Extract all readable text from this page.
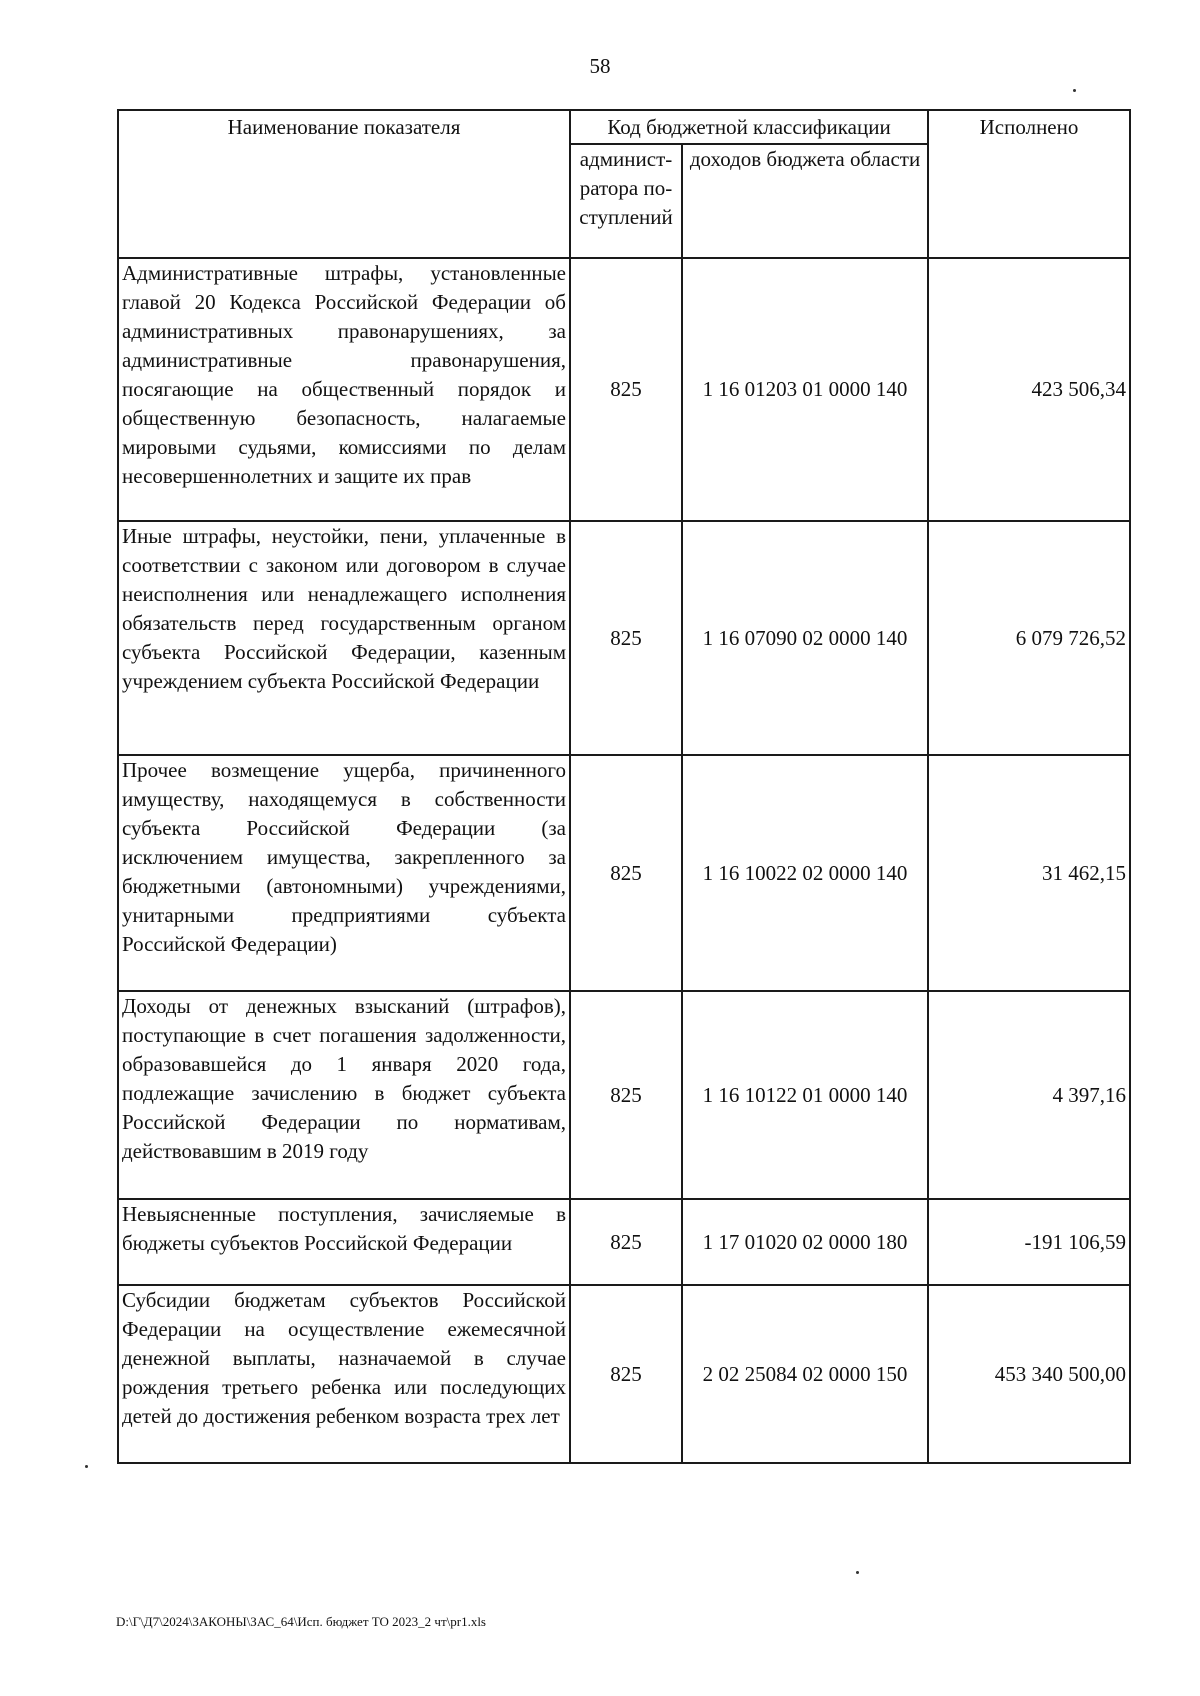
58
Наименование показателя	Код бюджетной классификации		Исполнено
	админист-ратора по-ступлений	доходов бюджета области	
Административные штрафы, установленные главой 20 Кодекса Российской Федерации об административных правонарушениях, за административные правонарушения, посягающие на общественный порядок и общественную безопасность, налагаемые мировыми судьями, комиссиями по делам несовершеннолетних и защите их прав	825	1 16 01203 01 0000 140	423 506,34
Иные штрафы, неустойки, пени, уплаченные в соответствии с законом или договором в случае неисполнения или ненадлежащего исполнения обязательств перед государственным органом субъекта Российской Федерации, казенным учреждением субъекта Российской Федерации	825	1 16 07090 02 0000 140	6 079 726,52
Прочее возмещение ущерба, причиненного имуществу, находящемуся в собственности субъекта Российской Федерации (за исключением имущества, закрепленного за бюджетными (автономными) учреждениями, унитарными предприятиями субъекта Российской Федерации)	825	1 16 10022 02 0000 140	31 462,15
Доходы от денежных взысканий (штрафов), поступающие в счет погашения задолженности, образовавшейся до 1 января 2020 года, подлежащие зачислению в бюджет субъекта Российской Федерации по нормативам, действовавшим в 2019 году	825	1 16 10122 01 0000 140	4 397,16
Невыясненные поступления, зачисляемые в бюджеты субъектов Российской Федерации	825	1 17 01020 02 0000 180	-191 106,59
Субсидии бюджетам субъектов Российской Федерации на осуществление ежемесячной денежной выплаты, назначаемой в случае рождения третьего ребенка или последующих детей до достижения ребенком возраста трех лет	825	2 02 25084 02 0000 150	453 340 500,00
D:\Г\Д7\2024\ЗАКОНЫ\ЗАС_64\Исп. бюджет ТО 2023_2 чт\pr1.xls
